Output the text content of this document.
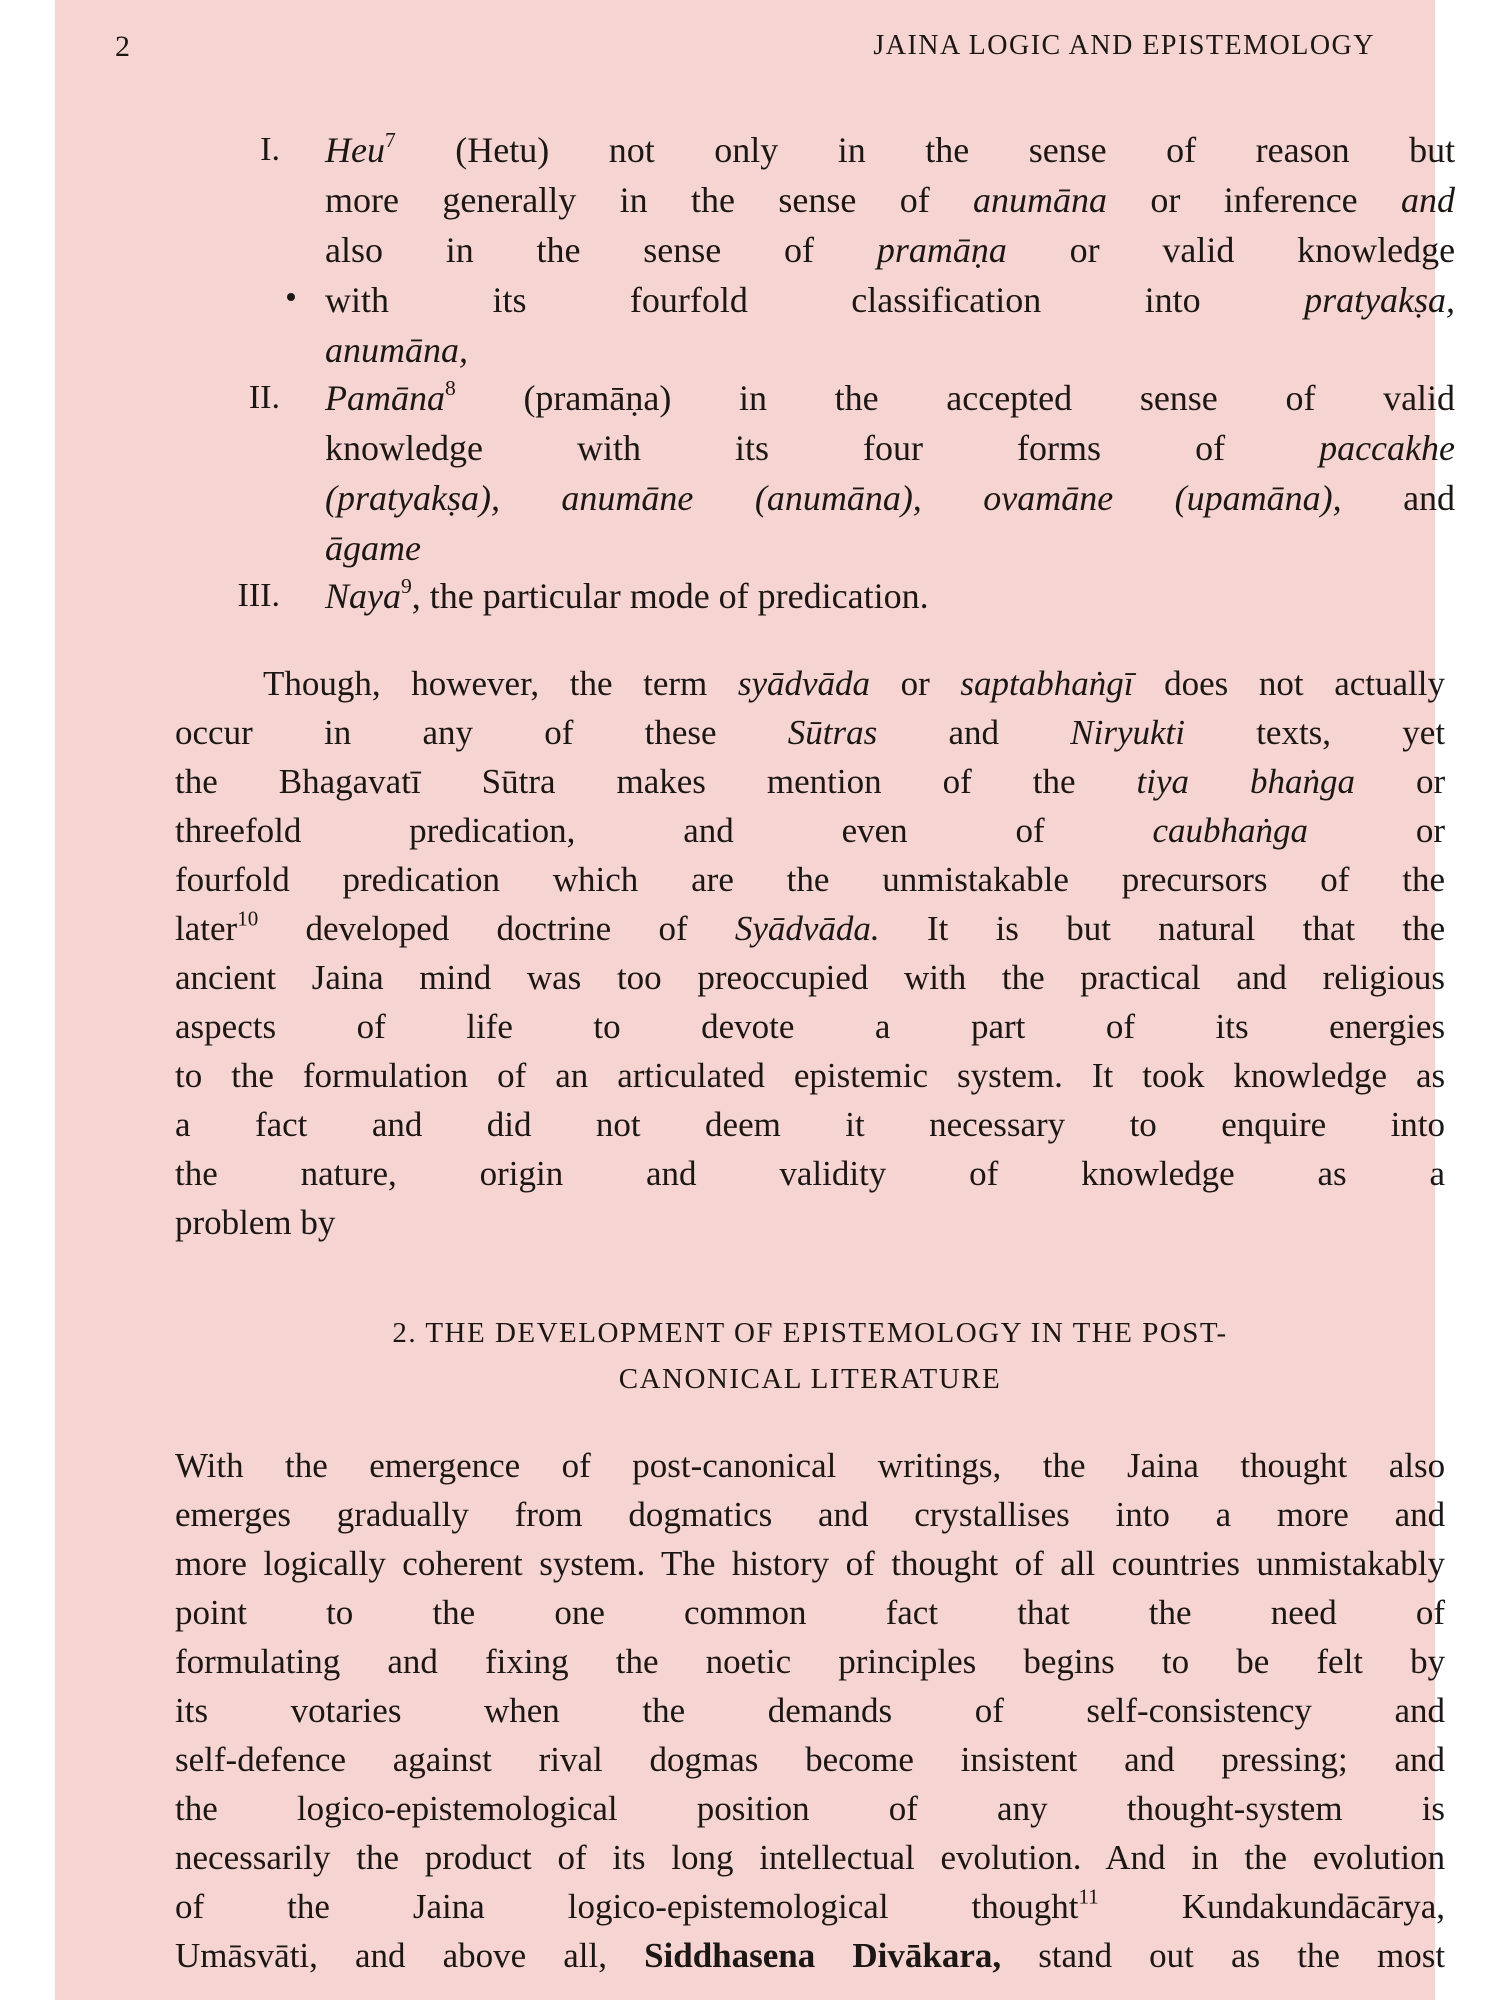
2	JAINA LOGIC AND EPISTEMOLOGY
I. Heu$^7$ (Hetu) not only in the sense of reason but
more generally in the sense of anumāna or inference and
also in the sense of pramāṇa or valid knowledge
with	its	fourfold	classification	into	pratyakṣa,
anumāna,
II. Pamāna$^8$ (pramāṇa) in the accepted sense of valid
knowledge	with	its	four	forms	of	paccakhe
(pratyakṣa), anumāne (anumāna), ovamāne (upamāna), and
āgame
III. Naya$^9$, the particular mode of predication.
Though, however, the term syādvāda or saptabhaṅgī does not actually
occur in any of these Sūtras and Niryukti texts, yet
the Bhagavatī Sūtra makes mention of the tiya bhaṅga or
threefold	predication,	and	even	of	caubhaṅga	or
fourfold predication which are the unmistakable precursors of the
later$^{10}$ developed doctrine of Syādvāda. It is but natural that the
ancient Jaina mind was too preoccupied with the practical and religious
aspects of life to devote a part of its energies
to the formulation of an articulated epistemic system. It took knowledge as
a fact and did not deem it necessary to enquire into
the nature, origin and validity of knowledge as a
problem by
2. THE DEVELOPMENT OF EPISTEMOLOGY IN THE POST-
CANONICAL LITERATURE
With the emergence of post-canonical writings, the Jaina thought also
emerges gradually from dogmatics and crystallises into a more and
more logically coherent system. The history of thought of all countries unmistakably
point to the one common fact that the need of
formulating and fixing the noetic principles begins to be felt by
its votaries when the demands of self-consistency and
self-defence against rival dogmas become insistent and pressing; and
the logico-epistemological position of any thought-system is
necessarily the product of its long intellectual evolution. And in the evolution
of the Jaina logico-epistemological thought$^{11}$ Kundakundācārya,
Umāsvāti, and above all, Siddhasena Divākara, stand out as the most
